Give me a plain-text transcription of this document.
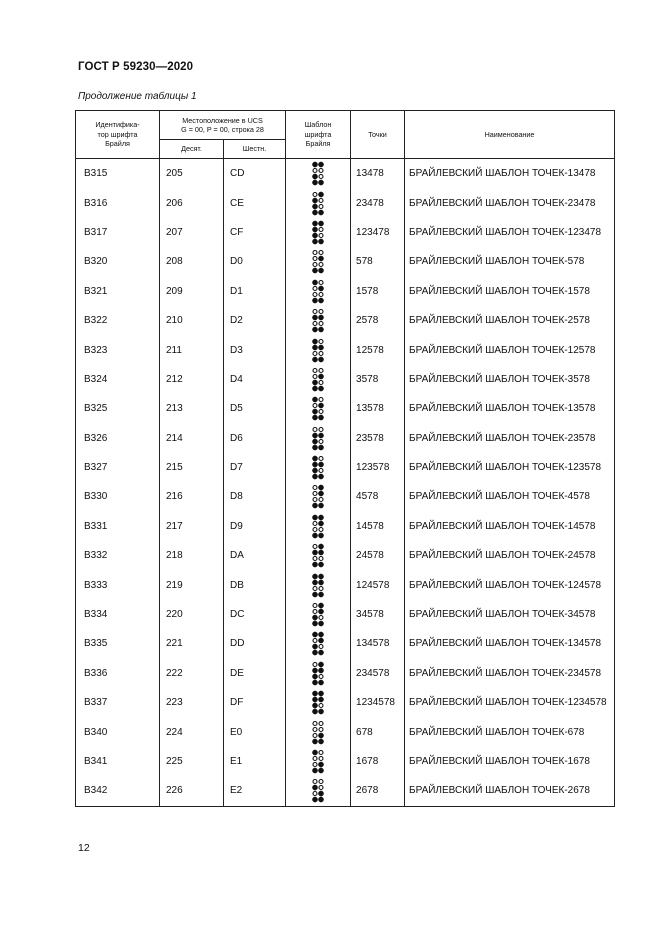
ГОСТ Р 59230—2020
Продолжение таблицы 1
Идентифика-
тор шрифта
Брайля	Местоположение в UCS
G = 00, P = 00, строка 28		Шаблон
шрифта
Брайля	Точки	Наименование
	Десят.	Шестн.			
B315	205	CD		13478	БРАЙЛЕВСКИЙ ШАБЛОН ТОЧЕК-13478
B316	206	CE		23478	БРАЙЛЕВСКИЙ ШАБЛОН ТОЧЕК-23478
B317	207	CF		123478	БРАЙЛЕВСКИЙ ШАБЛОН ТОЧЕК-123478
B320	208	D0		578	БРАЙЛЕВСКИЙ ШАБЛОН ТОЧЕК-578
B321	209	D1		1578	БРАЙЛЕВСКИЙ ШАБЛОН ТОЧЕК-1578
B322	210	D2		2578	БРАЙЛЕВСКИЙ ШАБЛОН ТОЧЕК-2578
B323	211	D3		12578	БРАЙЛЕВСКИЙ ШАБЛОН ТОЧЕК-12578
B324	212	D4		3578	БРАЙЛЕВСКИЙ ШАБЛОН ТОЧЕК-3578
B325	213	D5		13578	БРАЙЛЕВСКИЙ ШАБЛОН ТОЧЕК-13578
B326	214	D6		23578	БРАЙЛЕВСКИЙ ШАБЛОН ТОЧЕК-23578
B327	215	D7		123578	БРАЙЛЕВСКИЙ ШАБЛОН ТОЧЕК-123578
B330	216	D8		4578	БРАЙЛЕВСКИЙ ШАБЛОН ТОЧЕК-4578
B331	217	D9		14578	БРАЙЛЕВСКИЙ ШАБЛОН ТОЧЕК-14578
B332	218	DA		24578	БРАЙЛЕВСКИЙ ШАБЛОН ТОЧЕК-24578
B333	219	DB		124578	БРАЙЛЕВСКИЙ ШАБЛОН ТОЧЕК-124578
B334	220	DC		34578	БРАЙЛЕВСКИЙ ШАБЛОН ТОЧЕК-34578
B335	221	DD		134578	БРАЙЛЕВСКИЙ ШАБЛОН ТОЧЕК-134578
B336	222	DE		234578	БРАЙЛЕВСКИЙ ШАБЛОН ТОЧЕК-234578
B337	223	DF		1234578	БРАЙЛЕВСКИЙ ШАБЛОН ТОЧЕК-1234578
B340	224	E0		678	БРАЙЛЕВСКИЙ ШАБЛОН ТОЧЕК-678
B341	225	E1		1678	БРАЙЛЕВСКИЙ ШАБЛОН ТОЧЕК-1678
B342	226	E2		2678	БРАЙЛЕВСКИЙ ШАБЛОН ТОЧЕК-2678
12
